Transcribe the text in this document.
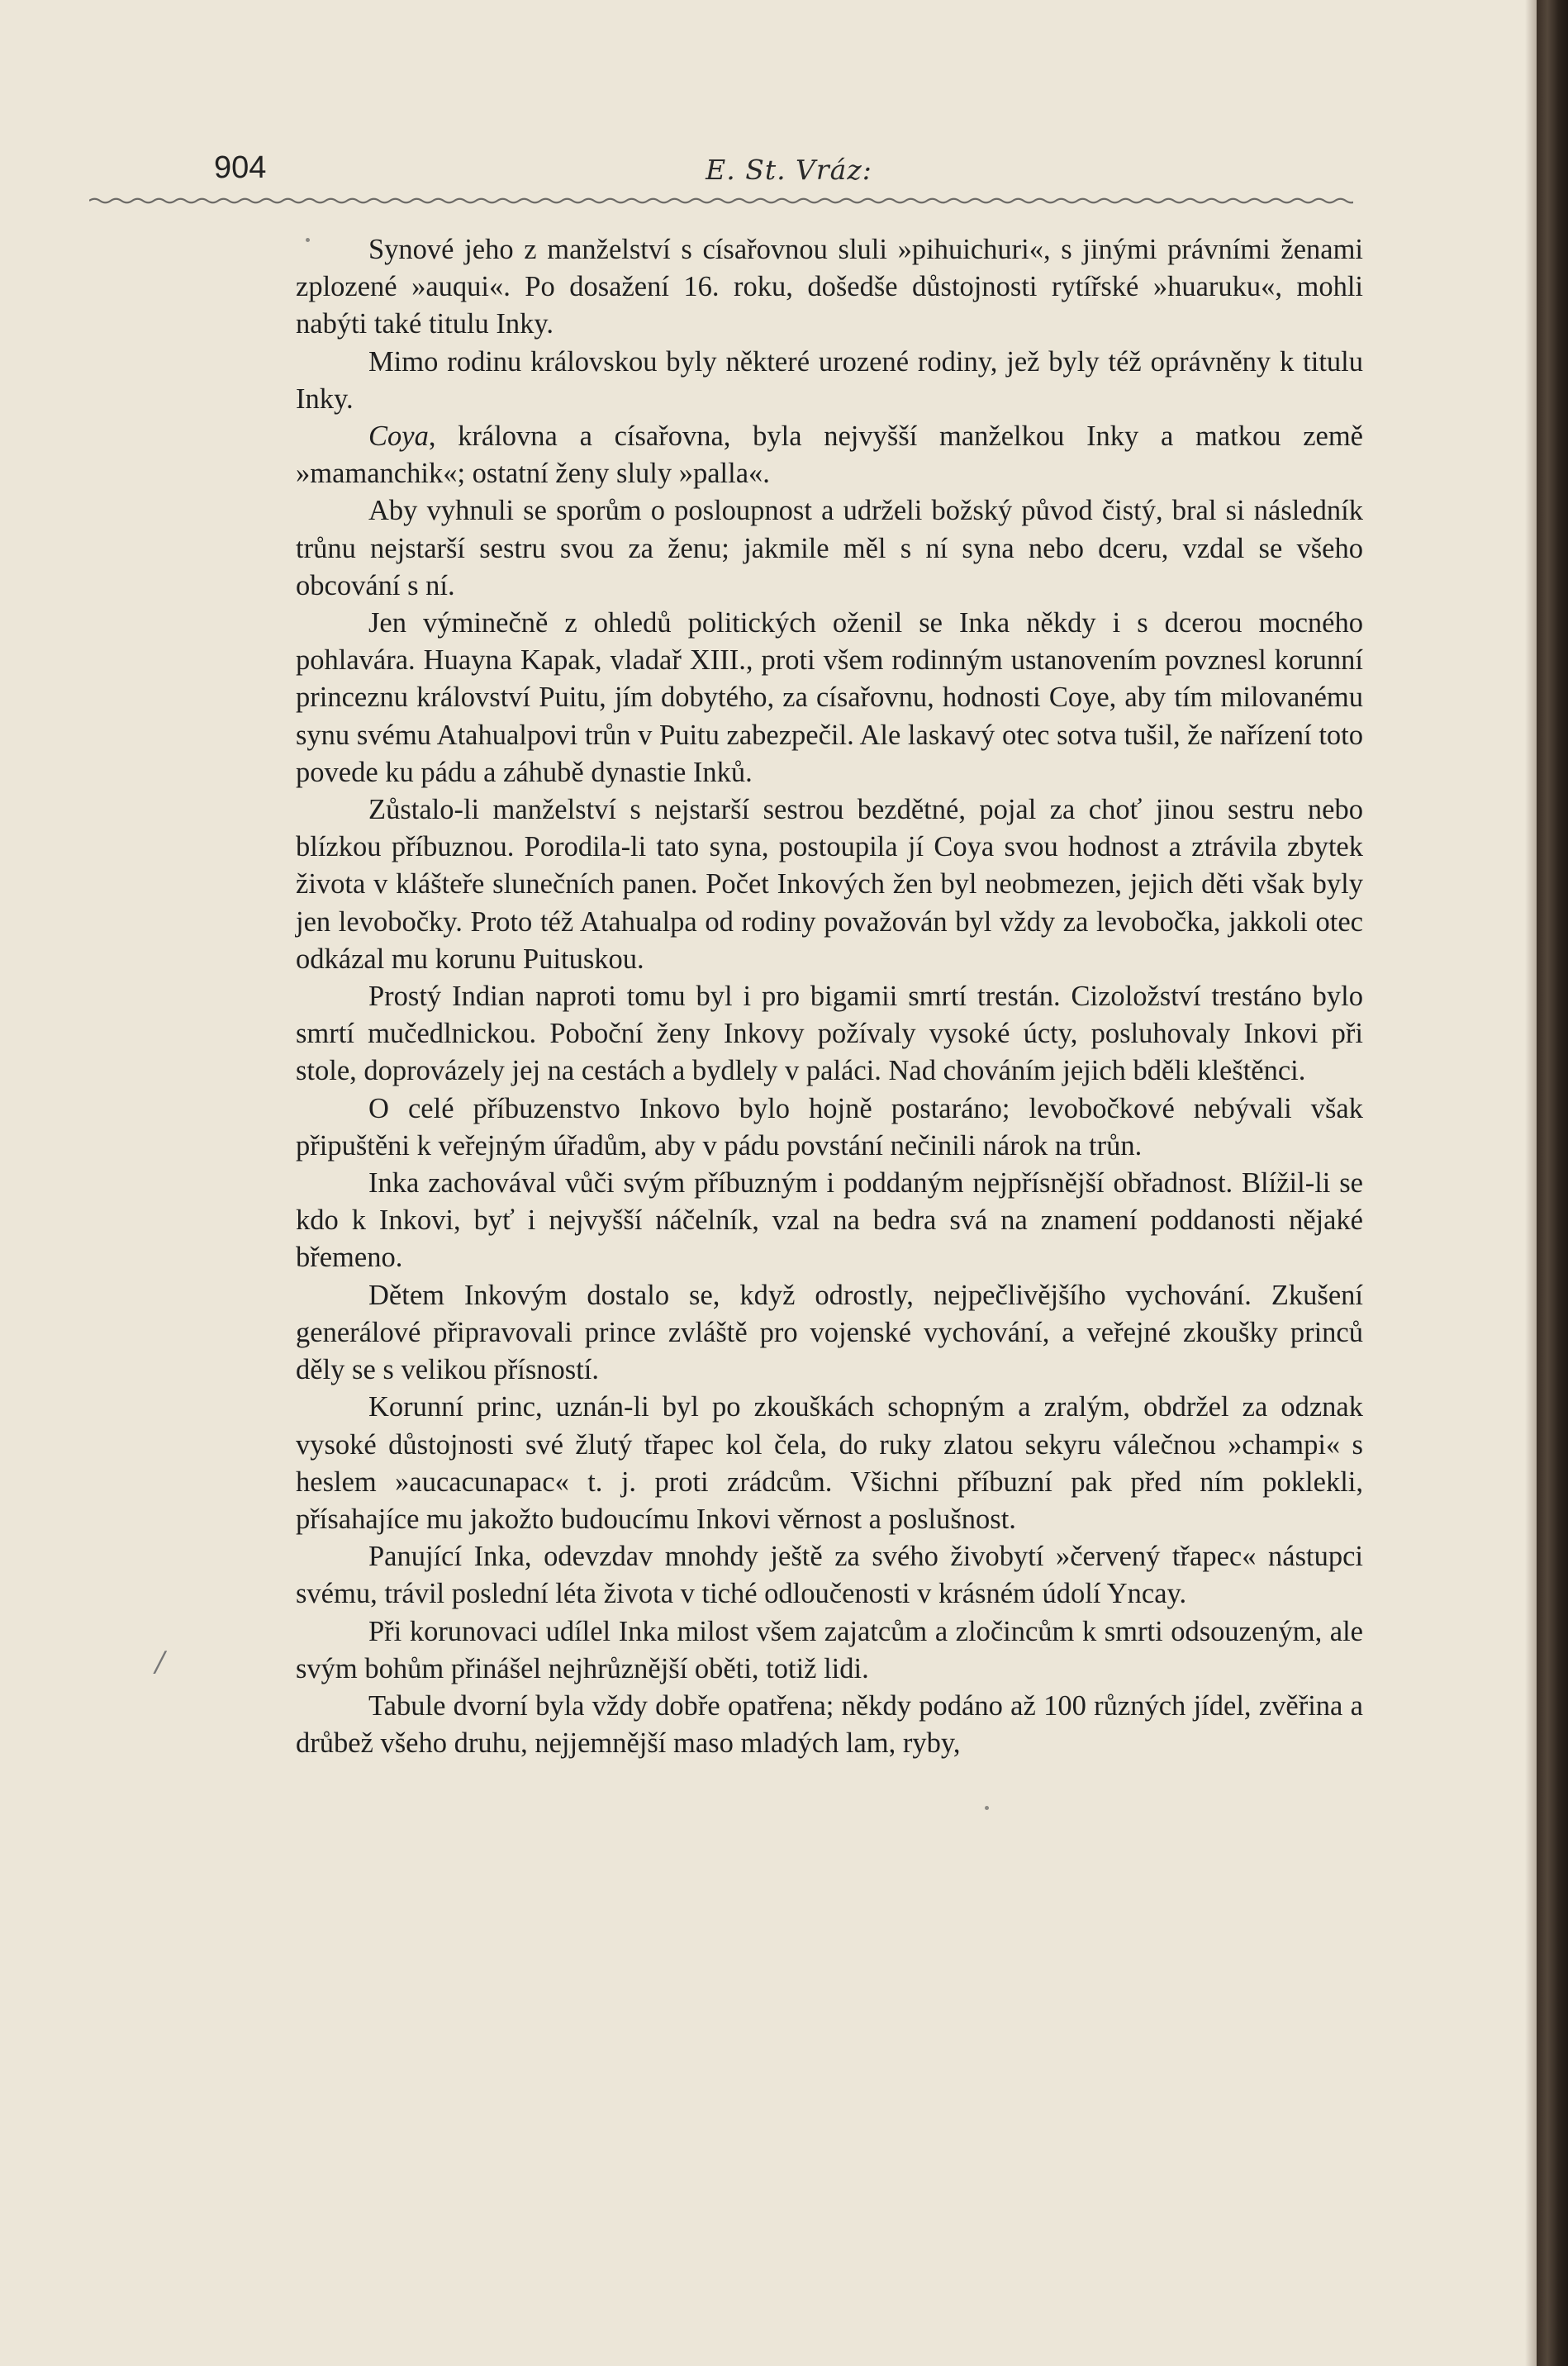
904	E. St. Vráz:

Synové jeho z manželství s císařovnou sluli »pihuichuri«, s jinými právními ženami zplozené »auqui«. Po dosažení 16. roku, došedše důstojnosti rytířské »huaruku«, mohli nabýti také titulu Inky.

Mimo rodinu královskou byly některé urozené rodiny, jež byly též oprávněny k titulu Inky.

Coya, královna a císařovna, byla nejvyšší manželkou Inky a matkou země »mamanchik«; ostatní ženy sluly »palla«.

Aby vyhnuli se sporům o posloupnost a udrželi božský původ čistý, bral si následník trůnu nejstarší sestru svou za ženu; jakmile měl s ní syna nebo dceru, vzdal se všeho obcování s ní.

Jen výminečně z ohledů politických oženil se Inka někdy i s dcerou mocného pohlavára. Huayna Kapak, vladař XIII., proti všem rodinným ustanovením povznesl korunní princeznu království Puitu, jím dobytého, za císařovnu, hodnosti Coye, aby tím milovanému synu svému Atahualpovi trůn v Puitu zabezpečil. Ale laskavý otec sotva tušil, že nařízení toto povede ku pádu a záhubě dynastie Inků.

Zůstalo-li manželství s nejstarší sestrou bezdětné, pojal za choť jinou sestru nebo blízkou příbuznou. Porodila-li tato syna, postoupila jí Coya svou hodnost a ztrávila zbytek života v klášteře slunečních panen. Počet Inkových žen byl neobmezen, jejich děti však byly jen levobočky. Proto též Atahualpa od rodiny považován byl vždy za levobočka, jakkoli otec odkázal mu korunu Puituskou.

Prostý Indian naproti tomu byl i pro bigamii smrtí trestán. Cizoložství trestáno bylo smrtí mučedlnickou. Poboční ženy Inkovy požívaly vysoké úcty, posluhovaly Inkovi při stole, doprovázely jej na cestách a bydlely v paláci. Nad chováním jejich bděli kleštěnci.

O celé příbuzenstvo Inkovo bylo hojně postaráno; levobočkové nebývali však připuštěni k veřejným úřadům, aby v pádu povstání nečinili nárok na trůn.

Inka zachovával vůči svým příbuzným i poddaným nejpřísnější obřadnost. Blížil-li se kdo k Inkovi, byť i nejvyšší náčelník, vzal na bedra svá na znamení poddanosti nějaké břemeno.

Dětem Inkovým dostalo se, když odrostly, nejpečlivějšího vychování. Zkušení generálové připravovali prince zvláště pro vojenské vychování, a veřejné zkoušky princů děly se s velikou přísností.

Korunní princ, uznán-li byl po zkouškách schopným a zralým, obdržel za odznak vysoké důstojnosti své žlutý třapec kol čela, do ruky zlatou sekyru válečnou »champi« s heslem »aucacunapac« t. j. proti zrádcům. Všichni příbuzní pak před ním poklekli, přísahajíce mu jakožto budoucímu Inkovi věrnost a poslušnost.

Panující Inka, odevzdav mnohdy ještě za svého živobytí »červený třapec« nástupci svému, trávil poslední léta života v tiché odloučenosti v krásném údolí Yncay.

Při korunovaci udílel Inka milost všem zajatcům a zločincům k smrti odsouzeným, ale svým bohům přinášel nejhrůznější oběti, totiž lidi.

Tabule dvorní byla vždy dobře opatřena; někdy podáno až 100 různých jídel, zvěřina a drůbež všeho druhu, nejjemnější maso mladých lam, ryby,

/
